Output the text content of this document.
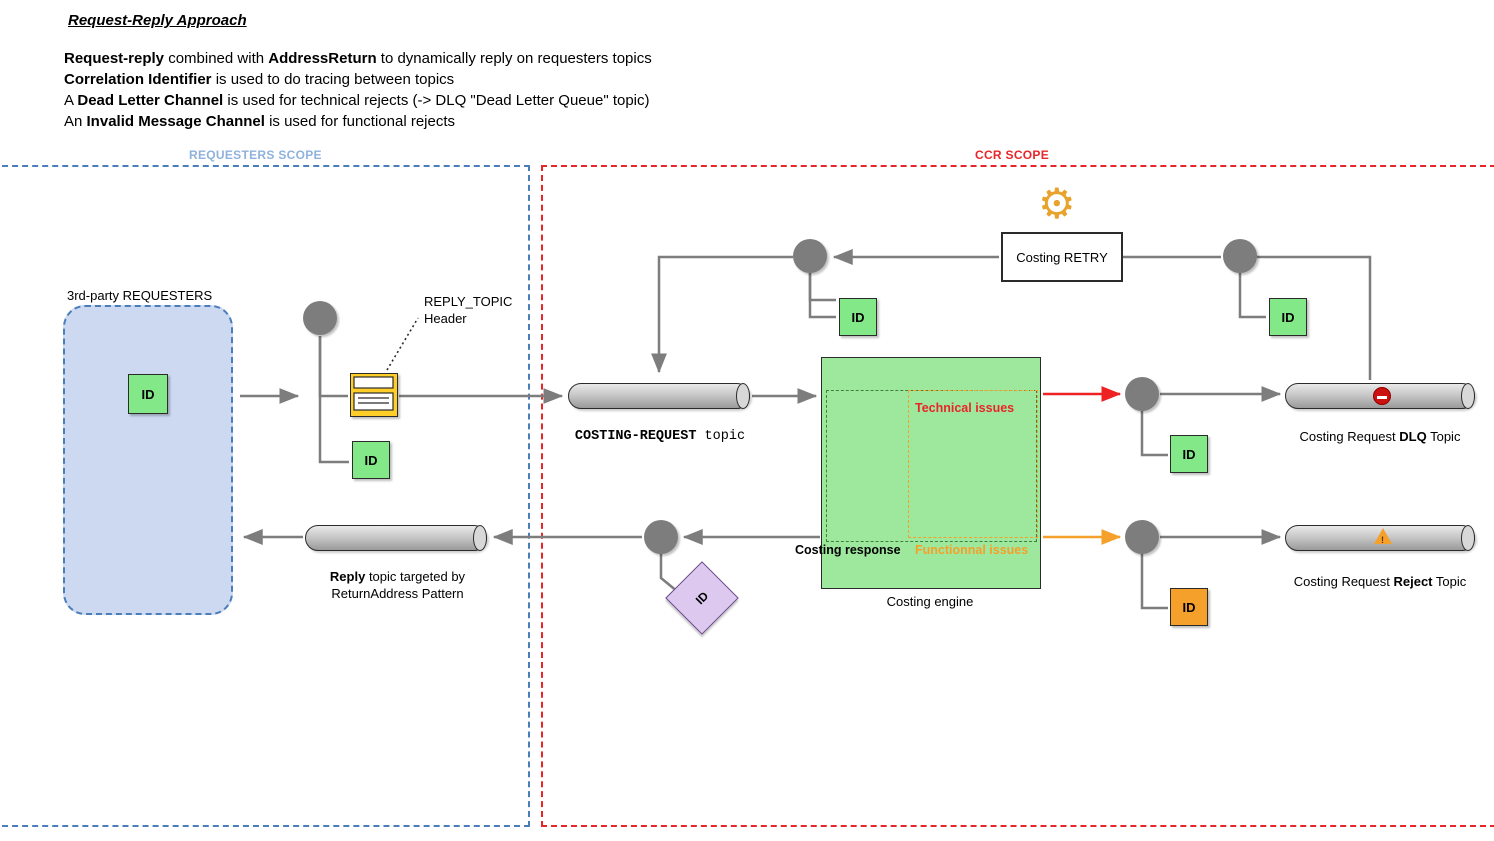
Request-Reply Approach
Request-reply combined with AddressReturn to dynamically reply on requesters topics
Correlation Identifier is used to do tracing between topics
A Dead Letter Channel is used for technical rejects (-> DLQ "Dead Letter Queue" topic)
An Invalid Message Channel is used for functional rejects
REQUESTERS SCOPE	CCR SCOPE
3rd-party REQUESTERS
ID
ID
REPLY_TOPIC
Header
COSTING-REQUEST topic
Reply topic targeted by
ReturnAddress Pattern
Technical issues
Functionnal issues
Costing response
Costing engine
⚙
Costing RETRY
ID	ID
ID
ID
ID
Costing Request DLQ Topic
!
Costing Request Reject Topic
